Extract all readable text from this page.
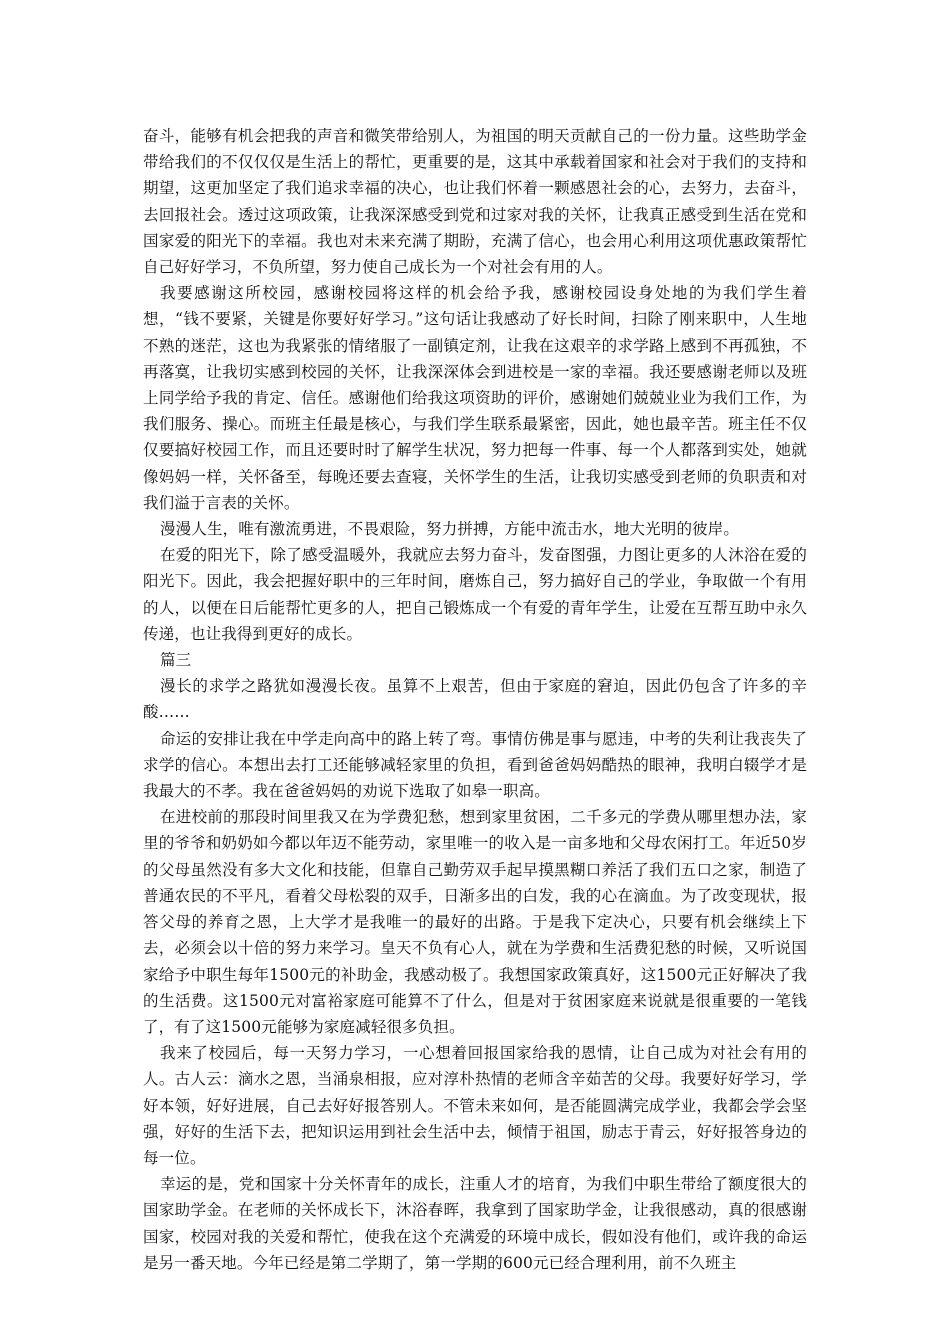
奋斗，能够有机会把我的声音和微笑带给别人，为祖国的明天贡献自己的一份力量。这些助学金带给我们的不仅仅仅是生活上的帮忙，更重要的是，这其中承载着国家和社会对于我们的支持和期望，这更加坚定了我们追求幸福的决心，也让我们怀着一颗感恩社会的心，去努力，去奋斗，去回报社会。透过这项政策，让我深深感受到党和过家对我的关怀，让我真正感受到生活在党和国家爱的阳光下的幸福。我也对未来充满了期盼，充满了信心，也会用心利用这项优惠政策帮忙自己好好学习，不负所望，努力使自己成长为一个对社会有用的人。

我要感谢这所校园，感谢校园将这样的机会给予我，感谢校园设身处地的为我们学生着想，“钱不要紧，关键是你要好好学习。”这句话让我感动了好长时间，扫除了刚来职中，人生地不熟的迷茫，这也为我紧张的情绪服了一副镇定剂，让我在这艰辛的求学路上感到不再孤独，不再落寞，让我切实感到校园的关怀，让我深深体会到进校是一家的幸福。我还要感谢老师以及班上同学给予我的肯定、信任。感谢他们给我这项资助的评价，感谢她们兢兢业业为我们工作，为我们服务、操心。而班主任最是核心，与我们学生联系最紧密，因此，她也最辛苦。班主任不仅仅要搞好校园工作，而且还要时时了解学生状况，努力把每一件事、每一个人都落到实处，她就像妈妈一样，关怀备至，每晚还要去查寝，关怀学生的生活，让我切实感受到老师的负职责和对我们溢于言表的关怀。

漫漫人生，唯有激流勇进，不畏艰险，努力拼搏，方能中流击水，地大光明的彼岸。

在爱的阳光下，除了感受温暖外，我就应去努力奋斗，发奋图强，力图让更多的人沐浴在爱的阳光下。因此，我会把握好职中的三年时间，磨炼自己，努力搞好自己的学业，争取做一个有用的人，以便在日后能帮忙更多的人，把自己锻炼成一个有爱的青年学生，让爱在互帮互助中永久传递，也让我得到更好的成长。

篇三

漫长的求学之路犹如漫漫长夜。虽算不上艰苦，但由于家庭的窘迫，因此仍包含了许多的辛酸……

命运的安排让我在中学走向高中的路上转了弯。事情仿佛是事与愿违，中考的失利让我丧失了求学的信心。本想出去打工还能够减轻家里的负担，看到爸爸妈妈酷热的眼神，我明白辍学才是我最大的不孝。我在爸爸妈妈的劝说下选取了如皋一职高。

在进校前的那段时间里我又在为学费犯愁，想到家里贫困，二千多元的学费从哪里想办法，家里的爷爷和奶奶如今都以年迈不能劳动，家里唯一的收入是一亩多地和父母农闲打工。年近50岁的父母虽然没有多大文化和技能，但靠自己勤劳双手起早摸黑糊口养活了我们五口之家，制造了普通农民的不平凡，看着父母松裂的双手，日渐多出的白发，我的心在滴血。为了改变现状，报答父母的养育之恩，上大学才是我唯一的最好的出路。于是我下定决心，只要有机会继续上下去，必须会以十倍的努力来学习。皇天不负有心人，就在为学费和生活费犯愁的时候，又听说国家给予中职生每年1500元的补助金，我感动极了。我想国家政策真好，这1500元正好解决了我的生活费。这1500元对富裕家庭可能算不了什么，但是对于贫困家庭来说就是很重要的一笔钱了，有了这1500元能够为家庭减轻很多负担。

我来了校园后，每一天努力学习，一心想着回报国家给我的恩情，让自己成为对社会有用的人。古人云：滴水之恩，当涌泉相报，应对淳朴热情的老师含辛茹苦的父母。我要好好学习，学好本领，好好进展，自己去好好报答别人。不管未来如何，是否能圆满完成学业，我都会学会坚强，好好的生活下去，把知识运用到社会生活中去，倾情于祖国，励志于青云，好好报答身边的每一位。

幸运的是，党和国家十分关怀青年的成长，注重人才的培育，为我们中职生带给了额度很大的国家助学金。在老师的关怀成长下，沐浴春晖，我拿到了国家助学金，让我很感动，真的很感谢国家，校园对我的关爱和帮忙，使我在这个充满爱的环境中成长，假如没有他们，或许我的命运是另一番天地。今年已经是第二学期了，第一学期的600元已经合理利用，前不久班主
